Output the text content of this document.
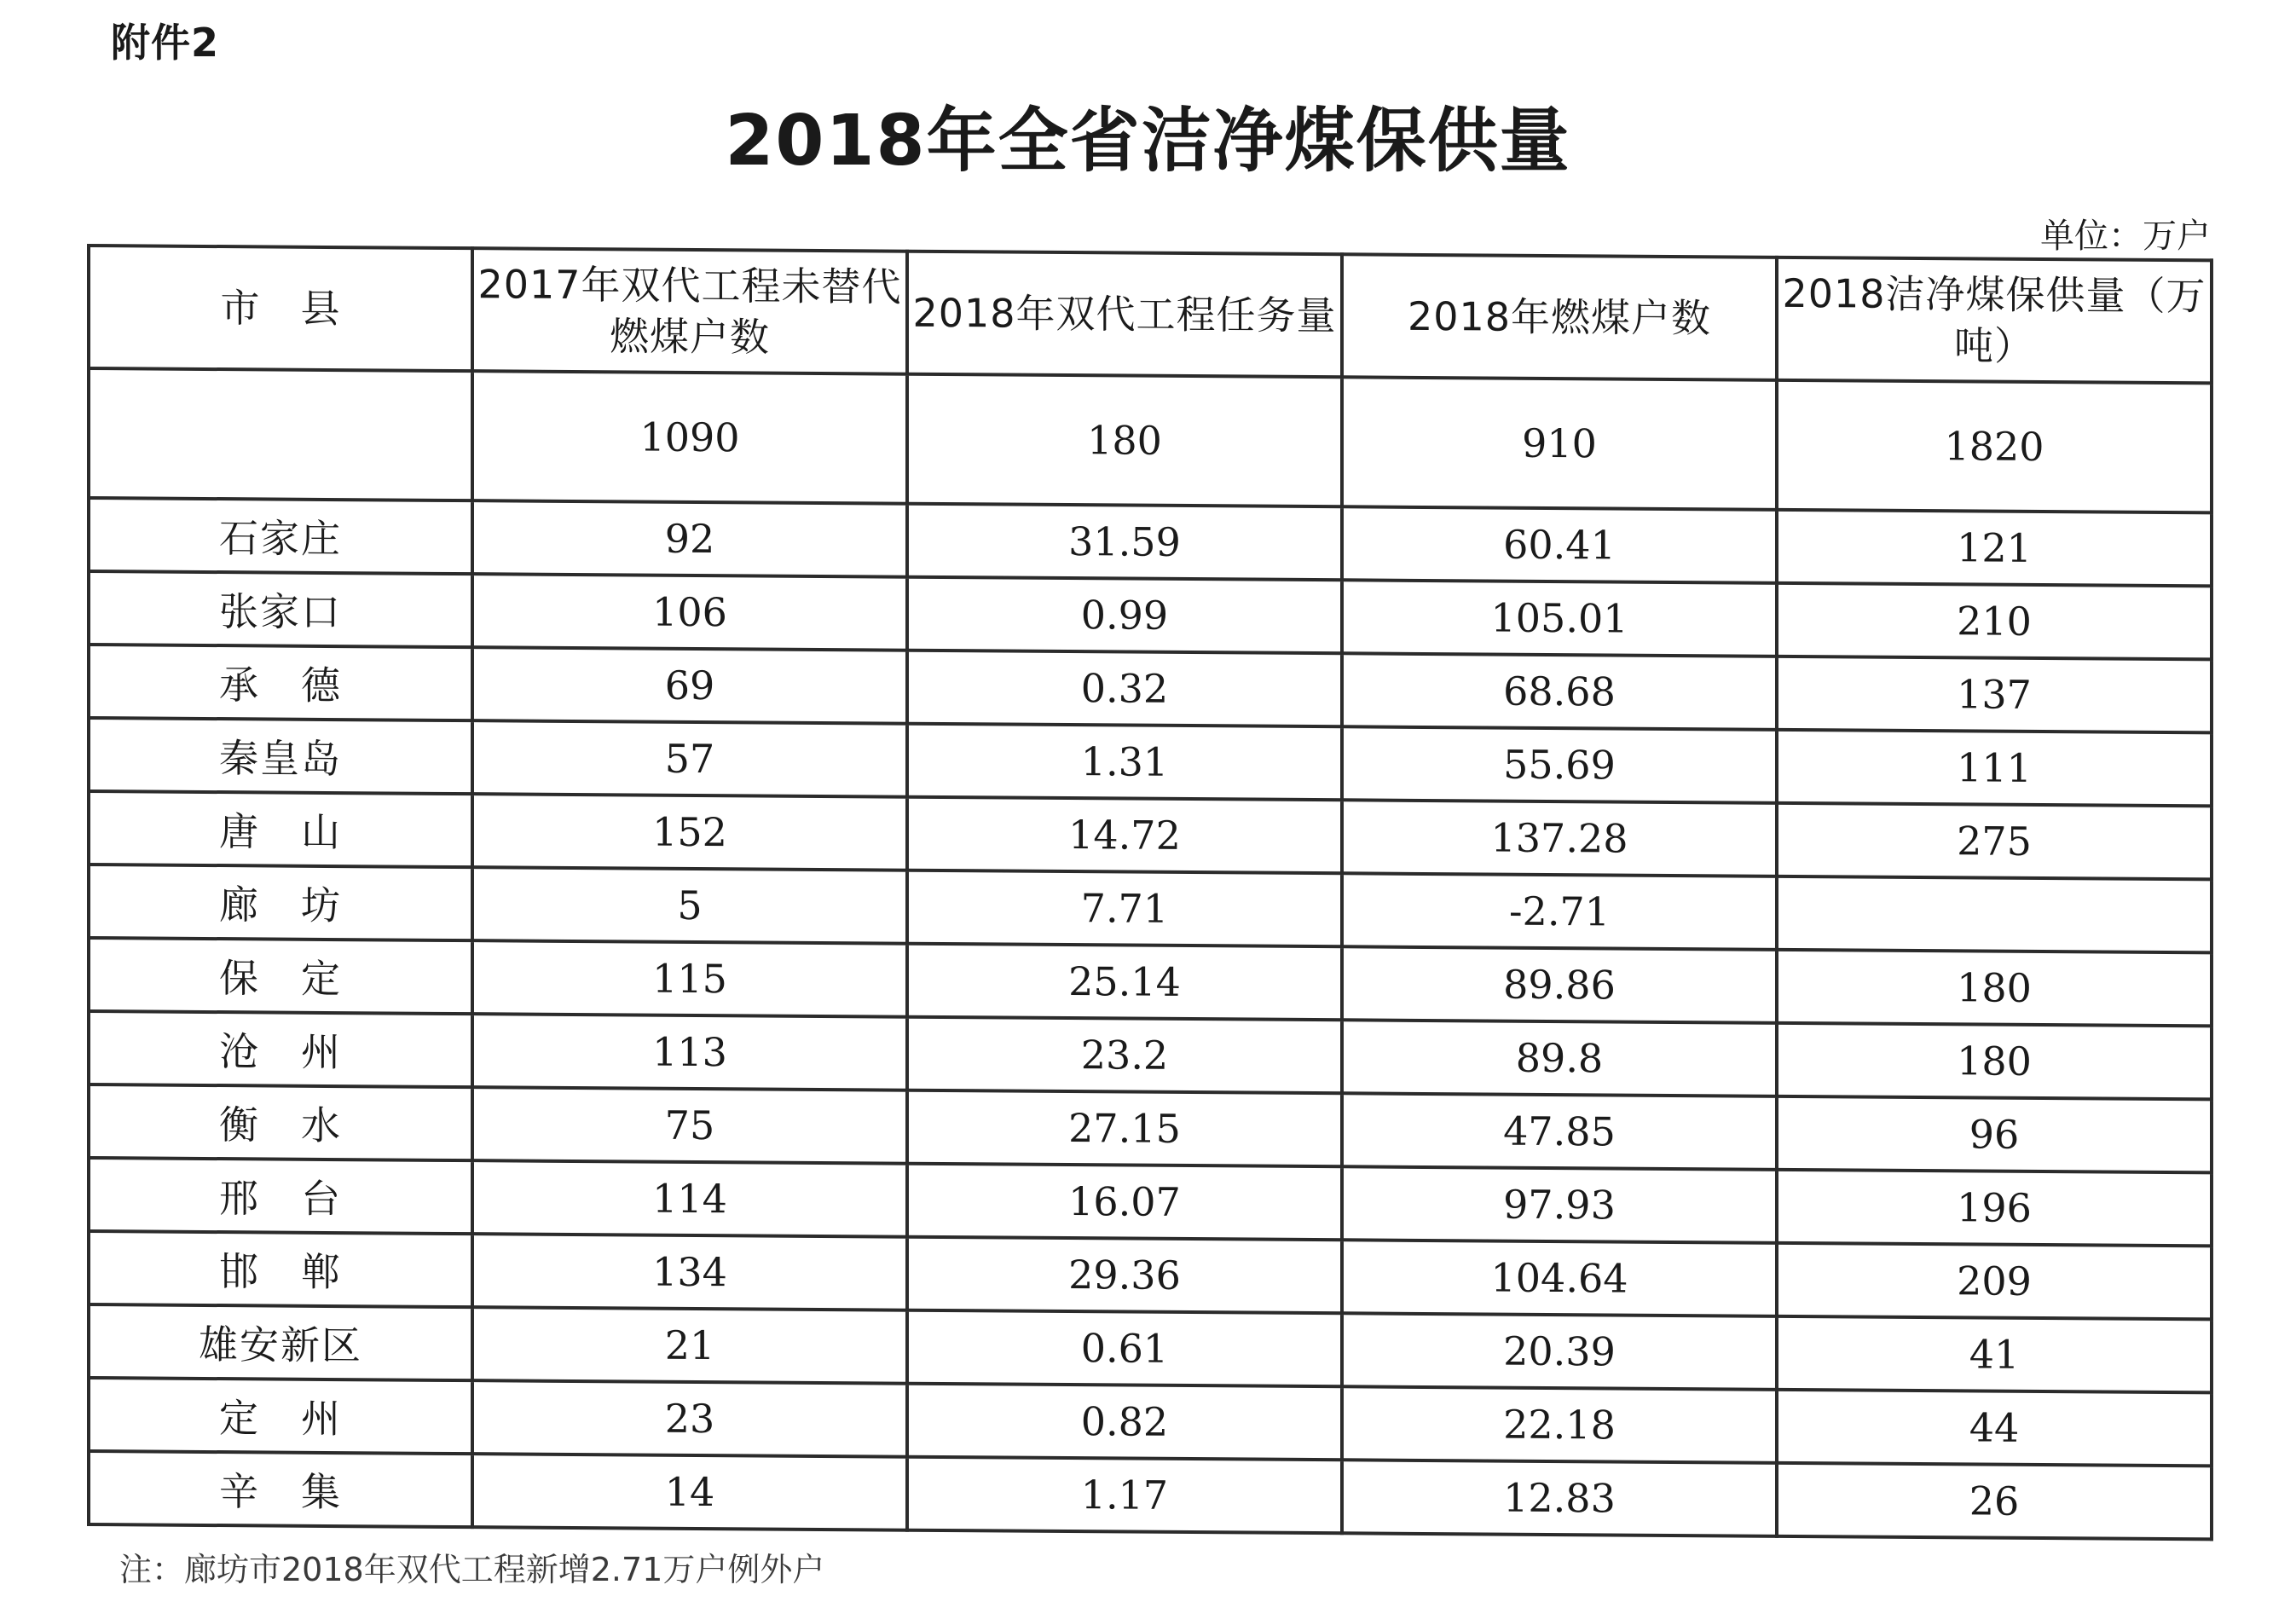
附件2
2018年全省洁净煤保供量
单位：万户
市　县	2017年双代工程未替代燃煤户数	2018年双代工程任务量	2018年燃煤户数	2018洁净煤保供量（万吨）
	1090	180	910	1820
石家庄	92	31.59	60.41	121
张家口	106	0.99	105.01	210
承　德	69	0.32	68.68	137
秦皇岛	57	1.31	55.69	111
唐　山	152	14.72	137.28	275
廊　坊	5	7.71	-2.71	
保　定	115	25.14	89.86	180
沧　州	113	23.2	89.8	180
衡　水	75	27.15	47.85	96
邢　台	114	16.07	97.93	196
邯　郸	134	29.36	104.64	209
雄安新区	21	0.61	20.39	41
定　州	23	0.82	22.18	44
辛　集	14	1.17	12.83	26
注：廊坊市2018年双代工程新增2.71万户例外户
